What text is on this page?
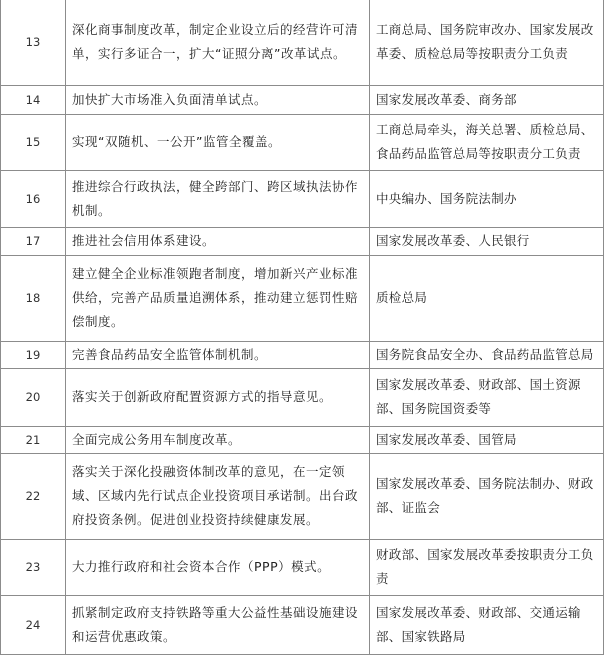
13	深化商事制度改革，制定企业设立后的经营许可清单，实行多证合一，扩大“证照分离”改革试点。	工商总局、国务院审改办、国家发展改革委、质检总局等按职责分工负责
14	加快扩大市场准入负面清单试点。	国家发展改革委、商务部
15	实现“双随机、一公开”监管全覆盖。	工商总局牵头，海关总署、质检总局、食品药品监管总局等按职责分工负责
16	推进综合行政执法，健全跨部门、跨区域执法协作机制。	中央编办、国务院法制办
17	推进社会信用体系建设。	国家发展改革委、人民银行
18	建立健全企业标准领跑者制度，增加新兴产业标准供给，完善产品质量追溯体系，推动建立惩罚性赔偿制度。	质检总局
19	完善食品药品安全监管体制机制。	国务院食品安全办、食品药品监管总局
20	落实关于创新政府配置资源方式的指导意见。	国家发展改革委、财政部、国土资源部、国务院国资委等
21	全面完成公务用车制度改革。	国家发展改革委、国管局
22	落实关于深化投融资体制改革的意见，在一定领域、区域内先行试点企业投资项目承诺制。出台政府投资条例。促进创业投资持续健康发展。	国家发展改革委、国务院法制办、财政部、证监会
23	大力推行政府和社会资本合作（PPP）模式。	财政部、国家发展改革委按职责分工负责
24	抓紧制定政府支持铁路等重大公益性基础设施建设和运营优惠政策。	国家发展改革委、财政部、交通运输部、国家铁路局
